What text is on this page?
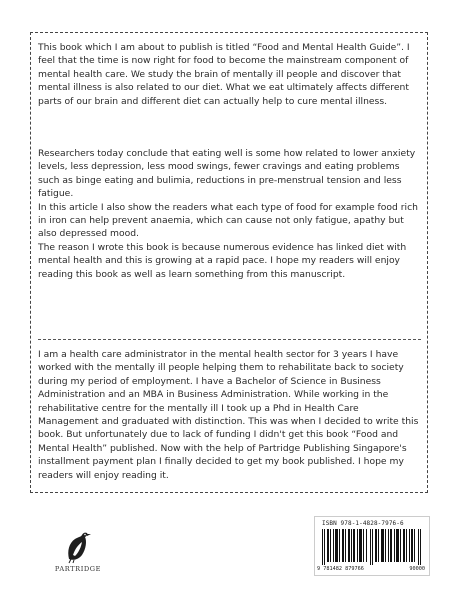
This book which I am about to publish is titled “Food and Mental Health Guide”. I feel that the time is now right for food to become the mainstream component of mental health care. We study the brain of mentally ill people and discover that mental illness is also related to our diet. What we eat ultimately affects different parts of our brain and different diet can actually help to cure mental illness.

Researchers today conclude that eating well is some how related to lower anxiety levels, less depression, less mood swings, fewer cravings and eating problems such as binge eating and bulimia, reductions in pre-menstrual tension and less fatigue.

In this article I also show the readers what each type of food for example food rich in iron can help prevent anaemia, which can cause not only fatigue, apathy but also depressed mood.

The reason I wrote this book is because numerous evidence has linked diet with mental health and this is growing at a rapid pace. I hope my readers will enjoy reading this book as well as learn something from this manuscript.

I am a health care administrator in the mental health sector for 3 years I have worked with the mentally ill people helping them to rehabilitate back to society during my period of employment. I have a Bachelor of Science in Business Administration and an MBA in Business Administration. While working in the rehabilitative centre for the mentally ill I took up a Phd in Health Care Management and graduated with distinction. This was when I decided to write this book. But unfortunately due to lack of funding I didn't get this book “Food and Mental Health” published. Now with the help of Partridge Publishing Singapore's installment payment plan I finally decided to get my book published. I hope my readers will enjoy reading it.

PARTRIDGE
ISBN 978-1-4828-7976-6
9 781482 879766	90000
